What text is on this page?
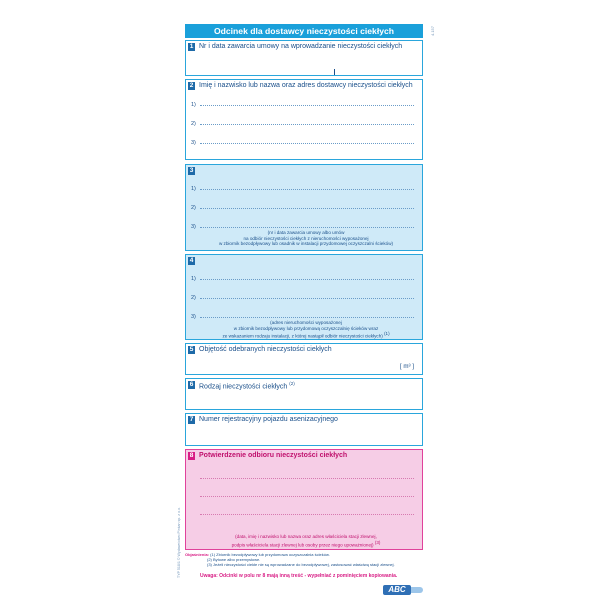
Odcinek dla dostawcy nieczystości ciekłych	4.157
1 Nr i data zawarcia umowy na wprowadzanie nieczystości ciekłych
2 Imię i nazwisko lub nazwa oraz adres dostawcy nieczystości ciekłych
1)
2)
3)
3
1)
2)
3)
(nr i data zawarcia umowy albo umów
na odbiór nieczystości ciekłych z nieruchomości wyposażonej
w zbiornik bezodpływowy lub osadnik w instalacji przydomowej oczyszczalni ścieków)
4
1)
2)
3)
(adres nieruchomości wyposażonej
w zbiornik bezodpływowy lub przydomową oczyszczalnię ścieków wraz
ze wskazaniem rodzaju instalacji, z której nastąpił odbiór nieczystości ciekłych) (1)
5 Objętość odebranych nieczystości ciekłych
[ m³ ]
6 Rodzaj nieczystości ciekłych $^{(2)}$
7 Numer rejestracyjny pojazdu asenizacyjnego
8 Potwierdzenie odbioru nieczystości ciekłych
(data, imię i nazwisko lub nazwa oraz adres właściciela stacji zlewnej,
podpis właściciela stacji zlewnej lub osoby przez niego upoważnionej) (3)
Objaśnienia: (1) Zbiornik bezodpływowy lub przydomowa oczyszczalnia ścieków.
(2) Bytowe albo przemysłowe.
(3) Jeżeli nieczystości ciekłe nie są wprowadzane do bezodpływowej, zastosować właściwą stacji zlewnej.
Uwaga: Odcinki w polu nr 8 mają inną treść - wypełniać z pominięciem kopiowania.
TYP 518/1 © Wydawnictwo Pinkan sp. z o.o.
ABC
